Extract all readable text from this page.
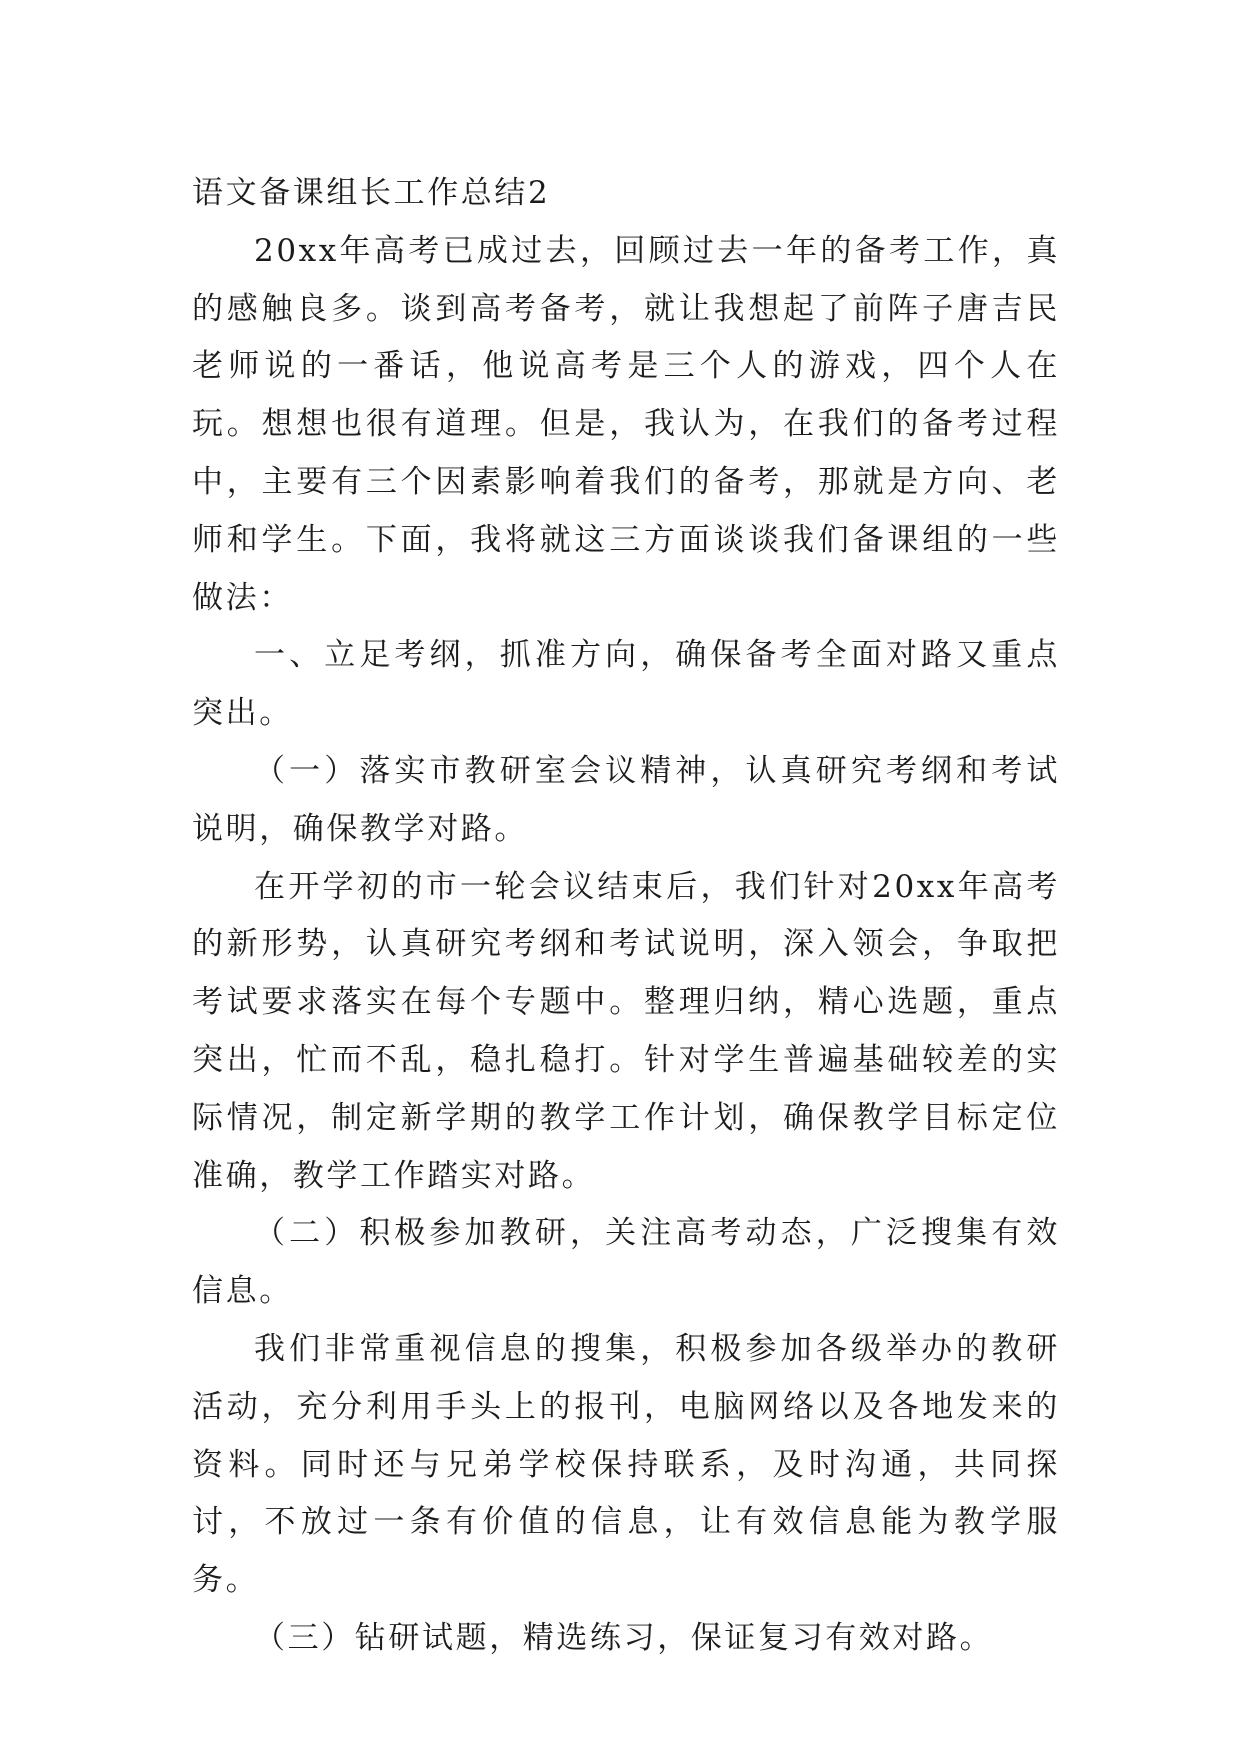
语文备课组长工作总结2

20xx年高考已成过去，回顾过去一年的备考工作，真的感触良多。谈到高考备考，就让我想起了前阵子唐吉民老师说的一番话，他说高考是三个人的游戏，四个人在玩。想想也很有道理。但是，我认为，在我们的备考过程中，主要有三个因素影响着我们的备考，那就是方向、老师和学生。下面，我将就这三方面谈谈我们备课组的一些做法：

一、立足考纲，抓准方向，确保备考全面对路又重点突出。

（一）落实市教研室会议精神，认真研究考纲和考试说明，确保教学对路。

在开学初的市一轮会议结束后，我们针对20xx年高考的新形势，认真研究考纲和考试说明，深入领会，争取把考试要求落实在每个专题中。整理归纳，精心选题，重点突出，忙而不乱，稳扎稳打。针对学生普遍基础较差的实际情况，制定新学期的教学工作计划，确保教学目标定位准确，教学工作踏实对路。

（二）积极参加教研，关注高考动态，广泛搜集有效信息。

我们非常重视信息的搜集，积极参加各级举办的教研活动，充分利用手头上的报刊，电脑网络以及各地发来的资料。同时还与兄弟学校保持联系，及时沟通，共同探讨，不放过一条有价值的信息，让有效信息能为教学服务。

（三）钻研试题，精选练习，保证复习有效对路。
